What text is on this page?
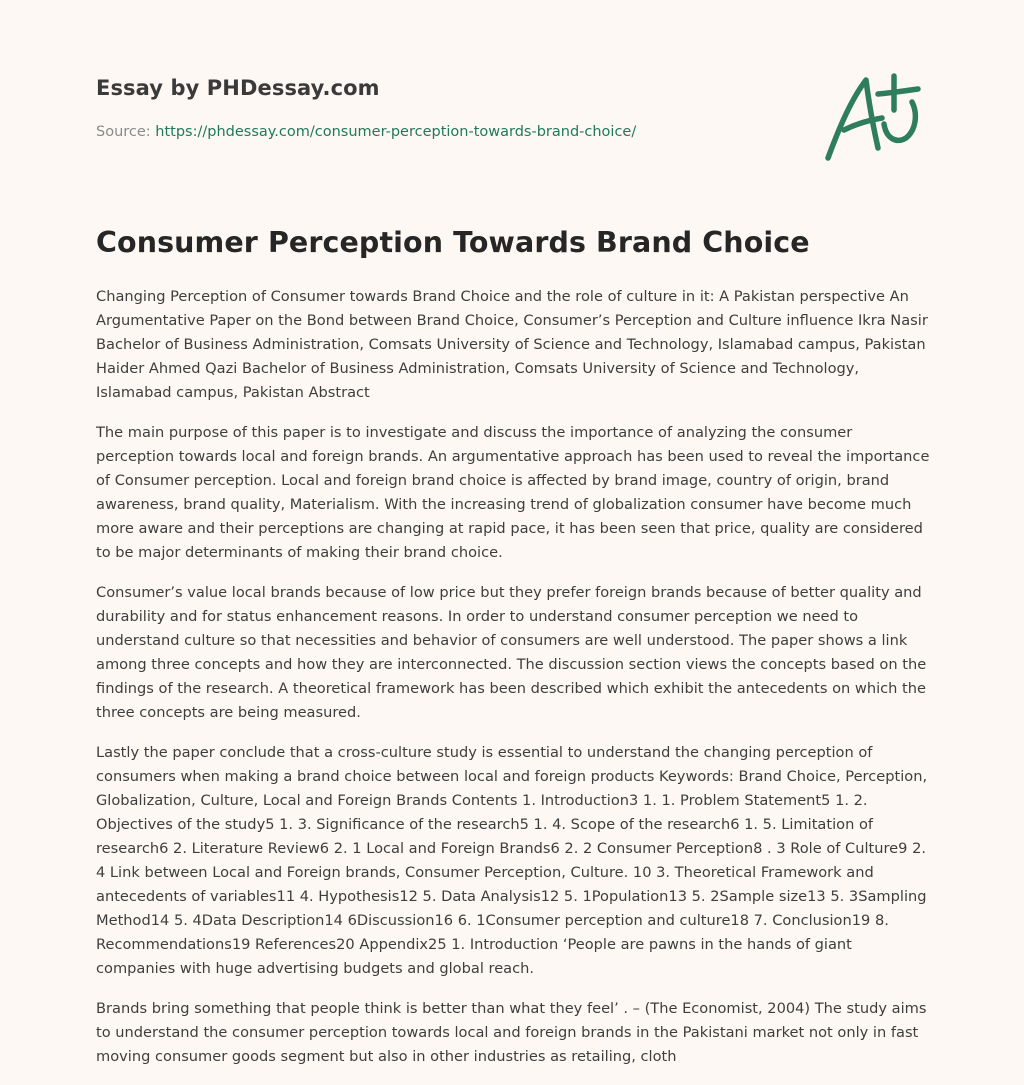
Essay by PHDessay.com
Source: https://phdessay.com/consumer-perception-towards-brand-choice/
Consumer Perception Towards Brand Choice

Changing Perception of Consumer towards Brand Choice and the role of culture in it: A Pakistan perspective An Argumentative Paper on the Bond between Brand Choice, Consumer’s Perception and Culture influence Ikra Nasir Bachelor of Business Administration, Comsats University of Science and Technology, Islamabad campus, Pakistan Haider Ahmed Qazi Bachelor of Business Administration, Comsats University of Science and Technology, Islamabad campus, Pakistan Abstract

The main purpose of this paper is to investigate and discuss the importance of analyzing the consumer perception towards local and foreign brands. An argumentative approach has been used to reveal the importance of Consumer perception. Local and foreign brand choice is affected by brand image, country of origin, brand awareness, brand quality, Materialism. With the increasing trend of globalization consumer have become much more aware and their perceptions are changing at rapid pace, it has been seen that price, quality are considered to be major determinants of making their brand choice.

Consumer’s value local brands because of low price but they prefer foreign brands because of better quality and durability and for status enhancement reasons. In order to understand consumer perception we need to understand culture so that necessities and behavior of consumers are well understood. The paper shows a link among three concepts and how they are interconnected. The discussion section views the concepts based on the findings of the research. A theoretical framework has been described which exhibit the antecedents on which the three concepts are being measured.

Lastly the paper conclude that a cross-culture study is essential to understand the changing perception of consumers when making a brand choice between local and foreign products Keywords: Brand Choice, Perception, Globalization, Culture, Local and Foreign Brands Contents 1. Introduction3 1. 1. Problem Statement5 1. 2. Objectives of the study5 1. 3. Significance of the research5 1. 4. Scope of the research6 1. 5. Limitation of research6 2. Literature Review6 2. 1 Local and Foreign Brands6 2. 2 Consumer Perception8 . 3 Role of Culture9 2. 4 Link between Local and Foreign brands, Consumer Perception, Culture. 10 3. Theoretical Framework and antecedents of variables11 4. Hypothesis12 5. Data Analysis12 5. 1Population13 5. 2Sample size13 5. 3Sampling Method14 5. 4Data Description14 6Discussion16 6. 1Consumer perception and culture18 7. Conclusion19 8. Recommendations19 References20 Appendix25 1. Introduction ‘People are pawns in the hands of giant companies with huge advertising budgets and global reach.

Brands bring something that people think is better than what they feel’ . – (The Economist, 2004) The study aims to understand the consumer perception towards local and foreign brands in the Pakistani market not only in fast moving consumer goods segment but also in other industries as retailing, cloth
